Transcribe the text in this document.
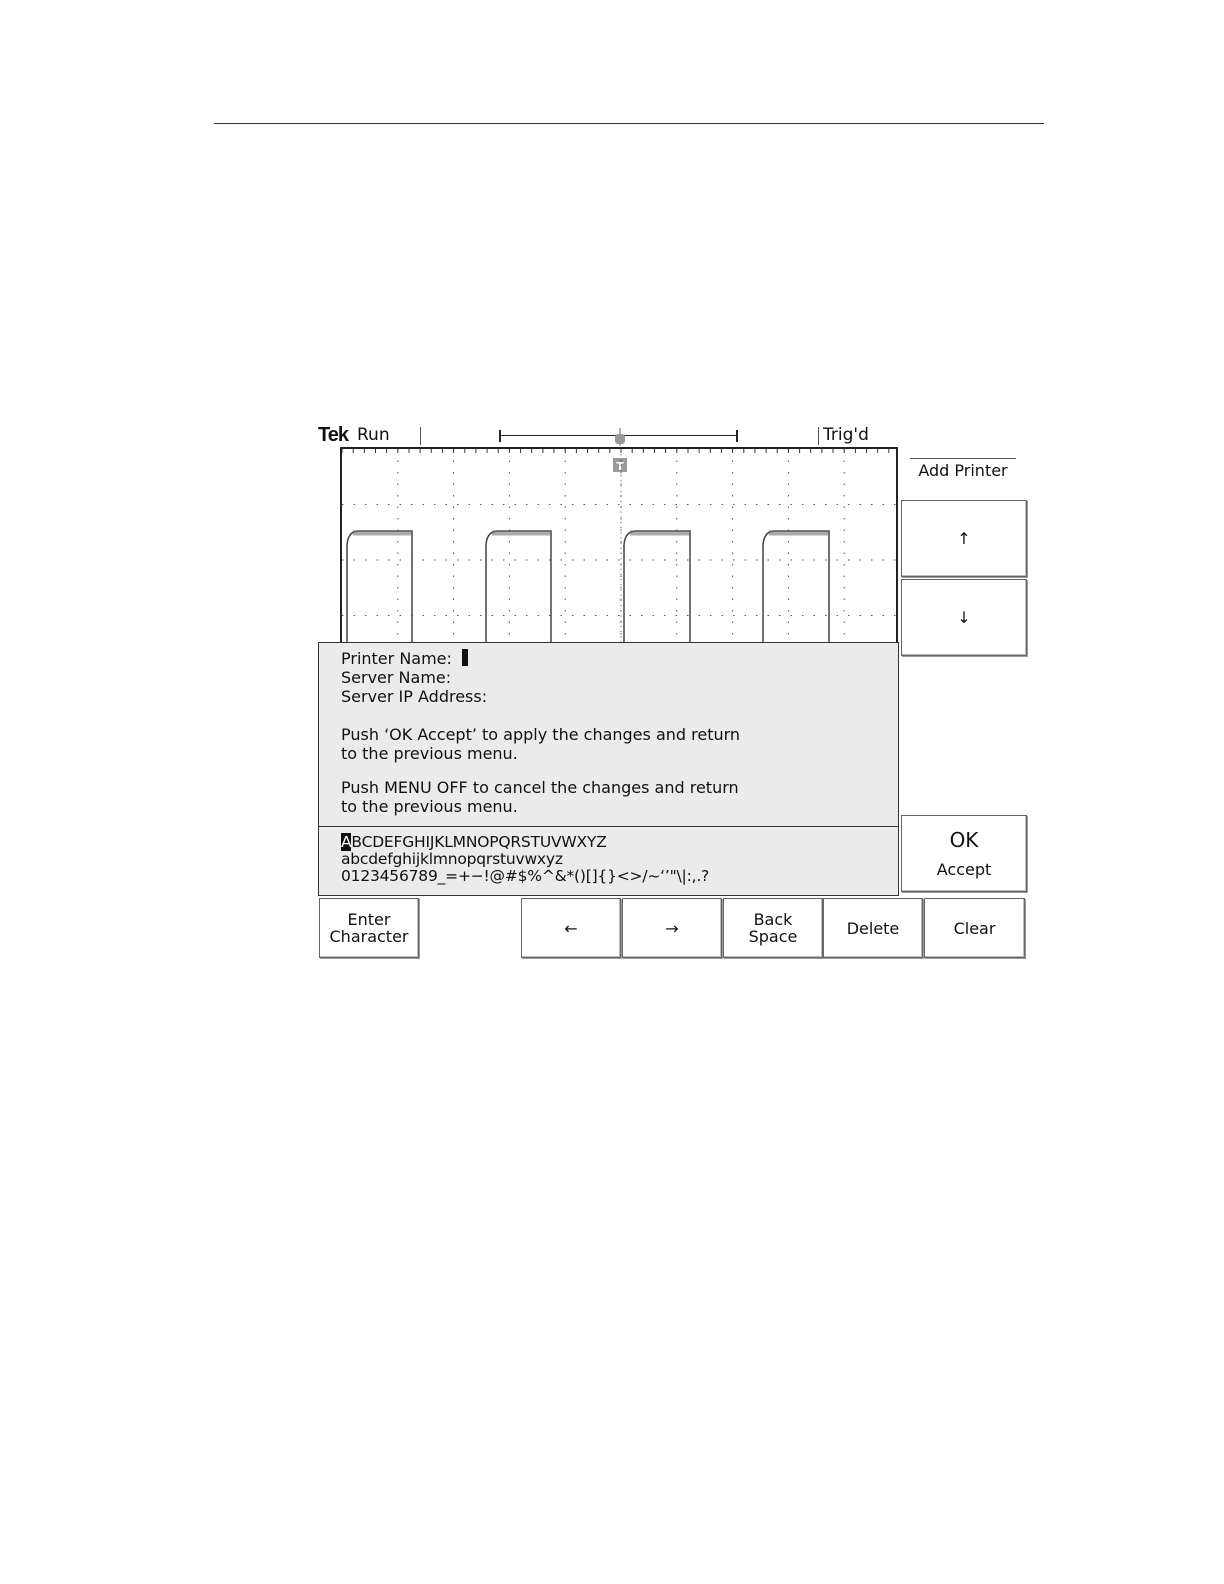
Tek Run	Trig'd
T	Add Printer
↑
↓
OK
Accept
Printer Name:
Server Name:
Server IP Address:
Push ‘OK Accept’ to apply the changes and return
to the previous menu.
Push MENU OFF to cancel the changes and return
to the previous menu.
ABCDEFGHIJKLMNOPQRSTUVWXYZ
abcdefghijklmnopqrstuvwxyz
0123456789_=+−!@#$%^&*()[]{}<>/~‘’"\|:,.?
Enter
Character	←	→	Back
Space	Delete	Clear
